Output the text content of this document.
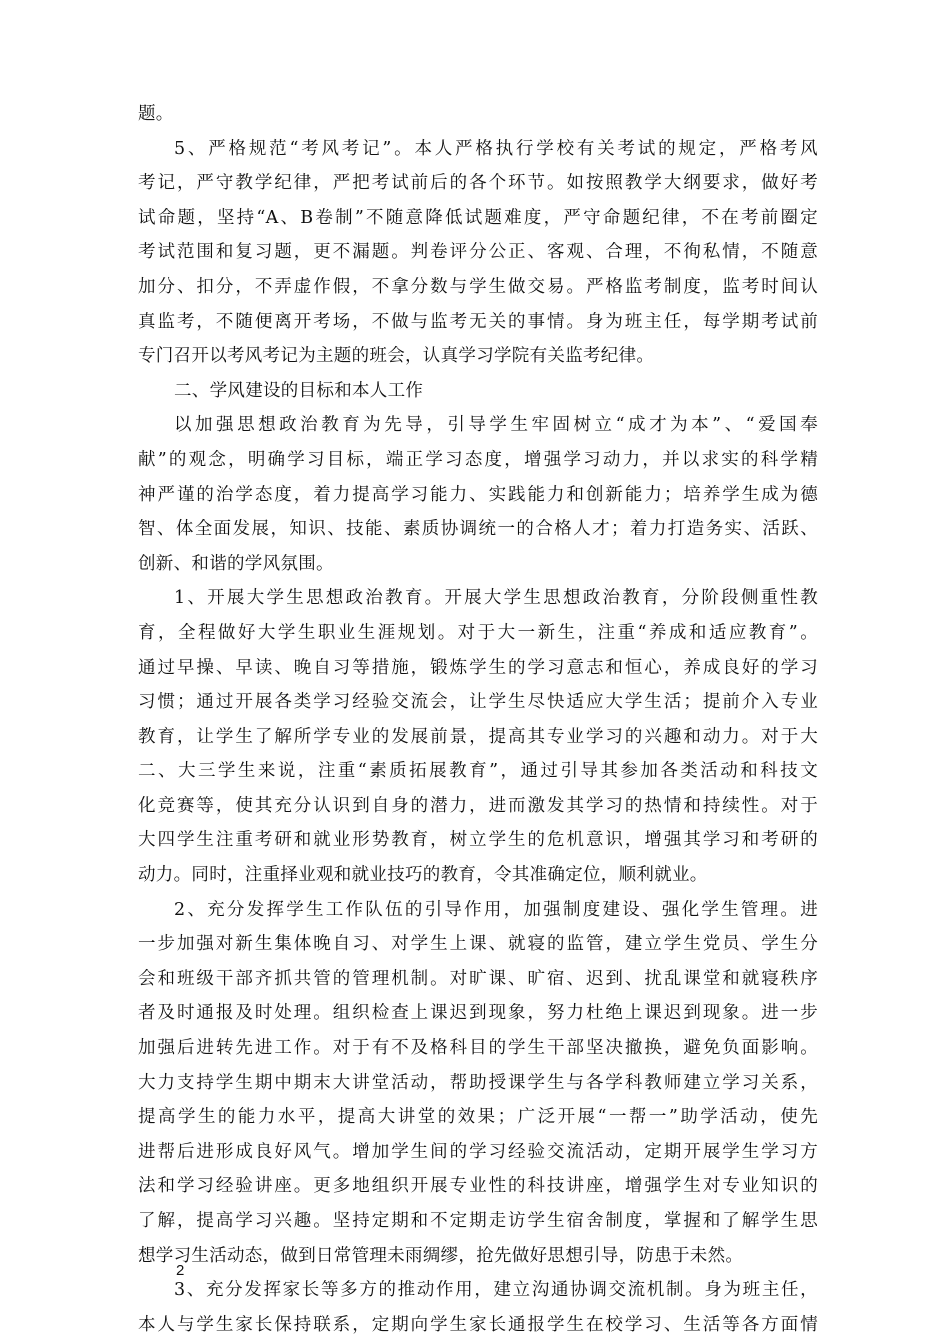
题。
5、严格规范“考风考记”。本人严格执行学校有关考试的规定，严格考风
考记，严守教学纪律，严把考试前后的各个环节。如按照教学大纲要求，做好考
试命题，坚持“A、B卷制”不随意降低试题难度，严守命题纪律，不在考前圈定
考试范围和复习题，更不漏题。判卷评分公正、客观、合理，不徇私情，不随意
加分、扣分，不弄虚作假，不拿分数与学生做交易。严格监考制度，监考时间认
真监考，不随便离开考场，不做与监考无关的事情。身为班主任，每学期考试前
专门召开以考风考记为主题的班会，认真学习学院有关监考纪律。
二、学风建设的目标和本人工作
以加强思想政治教育为先导，引导学生牢固树立“成才为本”、“爱国奉
献”的观念，明确学习目标，端正学习态度，增强学习动力，并以求实的科学精
神严谨的治学态度，着力提高学习能力、实践能力和创新能力；培养学生成为德
智、体全面发展，知识、技能、素质协调统一的合格人才；着力打造务实、活跃、
创新、和谐的学风氛围。
1、开展大学生思想政治教育。开展大学生思想政治教育，分阶段侧重性教
育，全程做好大学生职业生涯规划。对于大一新生，注重“养成和适应教育”。
通过早操、早读、晚自习等措施，锻炼学生的学习意志和恒心，养成良好的学习
习惯；通过开展各类学习经验交流会，让学生尽快适应大学生活；提前介入专业
教育，让学生了解所学专业的发展前景，提高其专业学习的兴趣和动力。对于大
二、大三学生来说，注重“素质拓展教育”，通过引导其参加各类活动和科技文
化竞赛等，使其充分认识到自身的潜力，进而激发其学习的热情和持续性。对于
大四学生注重考研和就业形势教育，树立学生的危机意识，增强其学习和考研的
动力。同时，注重择业观和就业技巧的教育，令其准确定位，顺利就业。
2、充分发挥学生工作队伍的引导作用，加强制度建设、强化学生管理。进
一步加强对新生集体晚自习、对学生上课、就寝的监管，建立学生党员、学生分
会和班级干部齐抓共管的管理机制。对旷课、旷宿、迟到、扰乱课堂和就寝秩序
者及时通报及时处理。组织检查上课迟到现象，努力杜绝上课迟到现象。进一步
加强后进转先进工作。对于有不及格科目的学生干部坚决撤换，避免负面影响。
大力支持学生期中期末大讲堂活动，帮助授课学生与各学科教师建立学习关系，
提高学生的能力水平，提高大讲堂的效果；广泛开展“一帮一”助学活动，使先
进帮后进形成良好风气。增加学生间的学习经验交流活动，定期开展学生学习方
法和学习经验讲座。更多地组织开展专业性的科技讲座，增强学生对专业知识的
了解，提高学习兴趣。坚持定期和不定期走访学生宿舍制度，掌握和了解学生思
想学习生活动态，做到日常管理未雨绸缪，抢先做好思想引导，防患于未然。
3、充分发挥家长等多方的推动作用，建立沟通协调交流机制。身为班主任，
本人与学生家长保持联系，定期向学生家长通报学生在校学习、生活等各方面情
2
